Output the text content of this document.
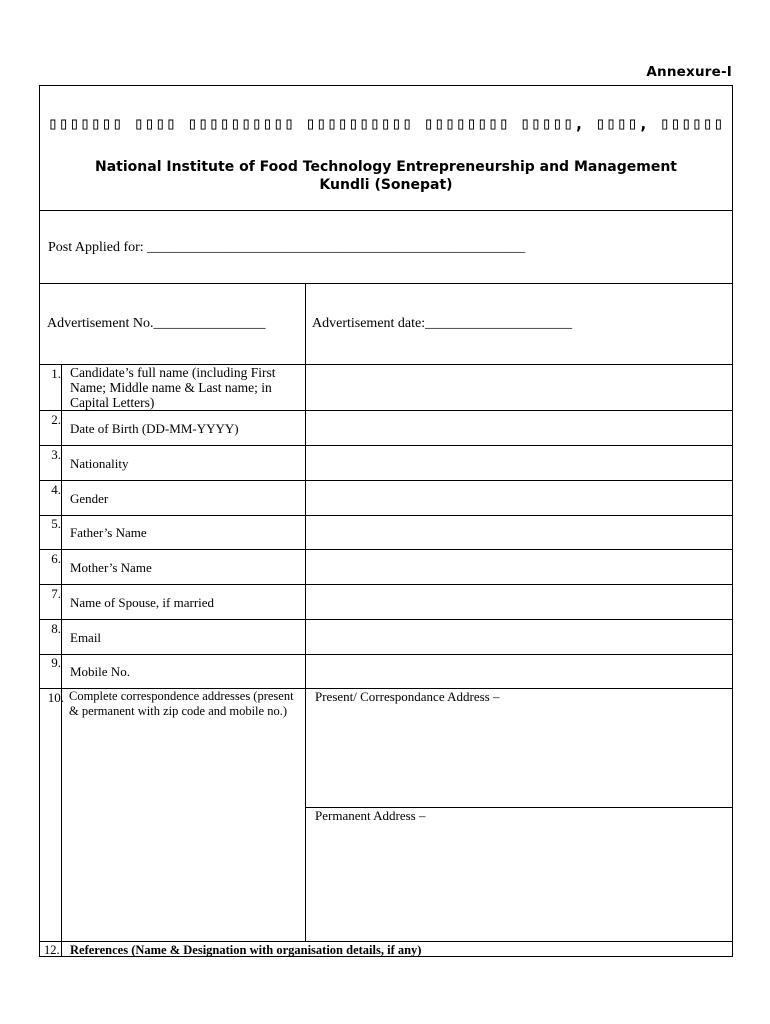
Annexure-I
▯▯▯▯▯▯▯ ▯▯▯▯ ▯▯▯▯▯▯▯▯▯▯ ▯▯▯▯▯▯▯▯▯▯ ▯▯▯▯▯▯▯▯ ▯▯▯▯▯, ▯▯▯▯, ▯▯▯▯▯▯
National Institute of Food Technology Entrepreneurship and Management
Kundli (Sonepat)
Post Applied for: ______________________________________________________
Advertisement No.________________	Advertisement date:_____________________
1. Candidate’s full name (including First Name; Middle name & Last name; in Capital Letters)
2.
Date of Birth (DD-MM-YYYY)
3.
Nationality
4.
Gender
5.
Father’s Name
6.
Mother’s Name
7.
Name of Spouse, if married
8.
Email
9.
Mobile No.
10. Complete correspondence addresses (present & permanent with zip code and mobile no.)
Present/ Correspondance Address –
Permanent Address –
12. References (Name & Designation with organisation details, if any)
